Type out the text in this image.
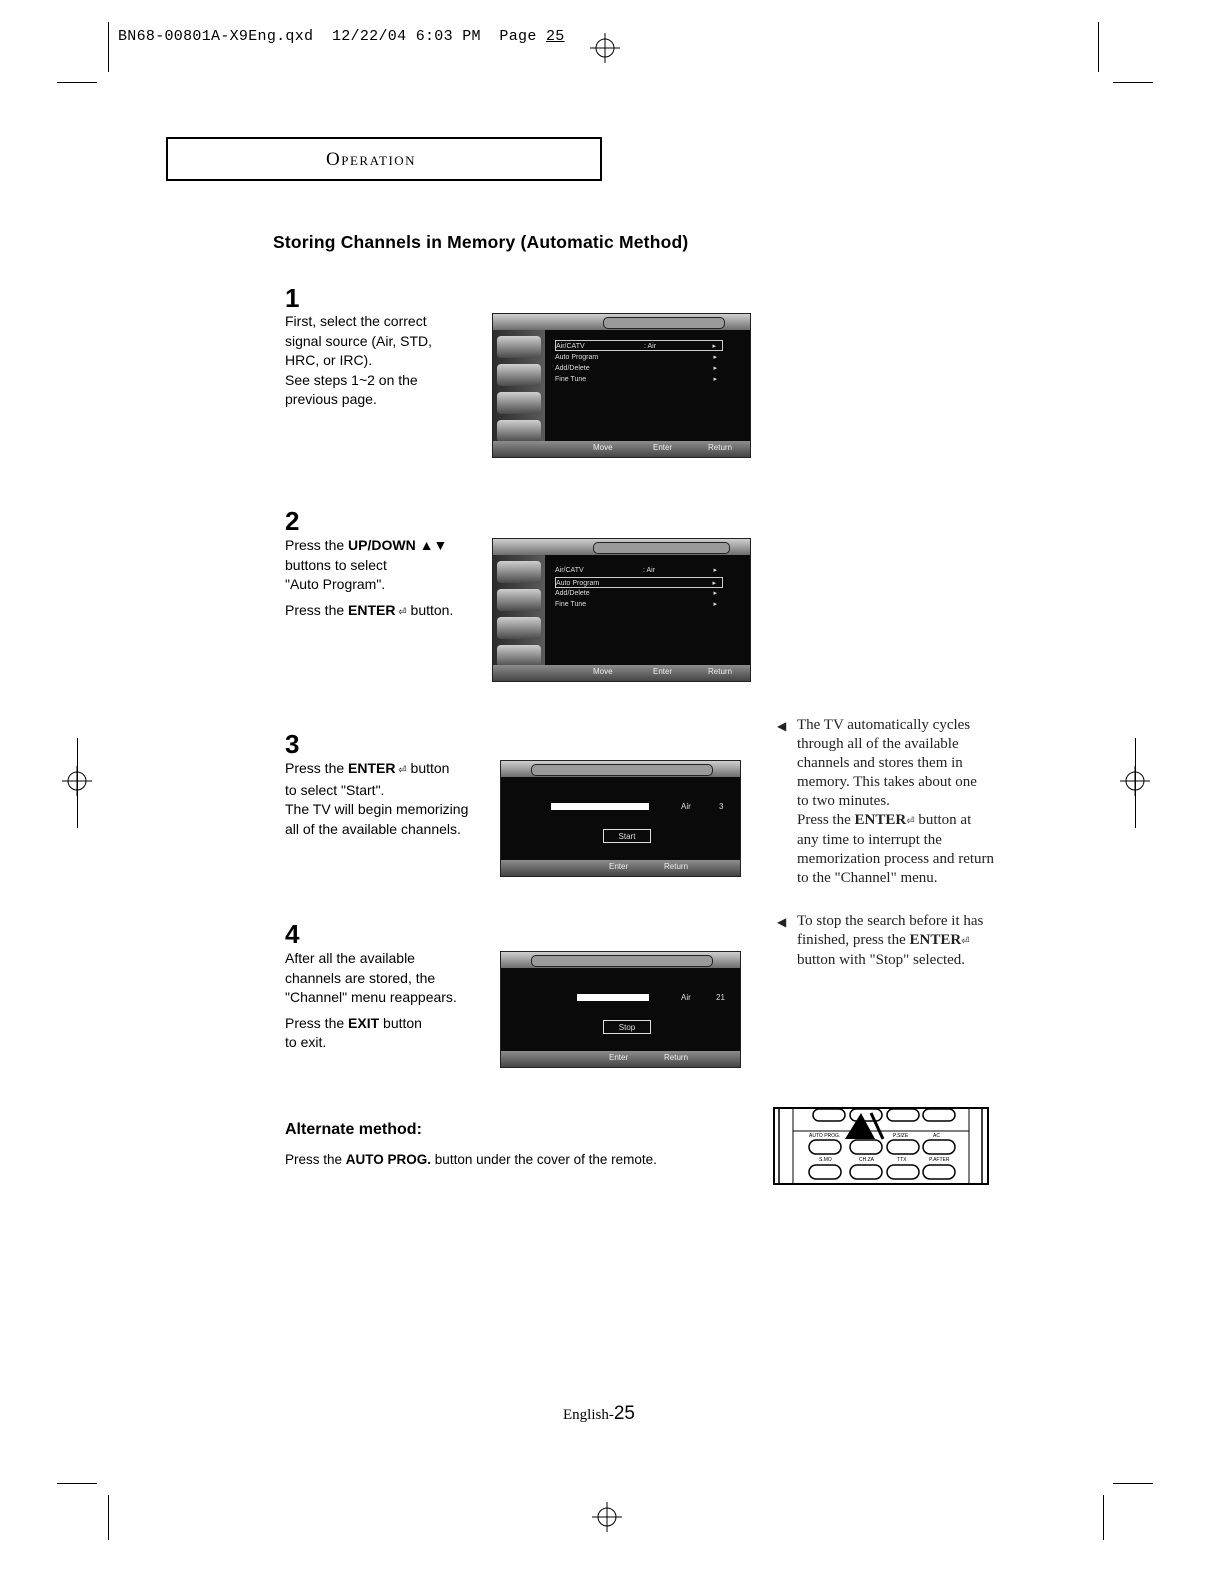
BN68-00801A-X9Eng.qxd 12/22/04 6:03 PM Page 25
Operation
Storing Channels in Memory (Automatic Method)
1

First, select the correct

signal source (Air, STD,

HRC, or IRC).

See steps 1~2 on the

previous page.

Air/CATV	: Air	▸
Auto Program	▸
Add/Delete	▸
Fine Tune	▸
Move	Enter	Return
2

Press the UP/DOWN ▲▼

buttons to select

"Auto Program".

Press the ENTER ⏎ button.

Air/CATV	: Air	▸
Auto Program	▸
Add/Delete	▸
Fine Tune	▸
Move	Enter	Return
3

Press the ENTER ⏎ button

to select "Start".

The TV will begin memorizing

all of the available channels.

Air	3
Start
Enter	Return
4

After all the available

channels are stored, the

"Channel" menu reappears.

Press the EXIT button

to exit.

Air	21
Stop
Enter	Return
◀ The TV automatically cycles

through all of the available

channels and stores them in

memory. This takes about one

to two minutes.

Press the ENTER⏎ button at

any time to interrupt the

memorization process and return

to the "Channel" menu.

◀ To stop the search before it has

finished, press the ENTER⏎

button with "Stop" selected.

Alternate method:
Press the AUTO PROG. button under the cover of the remote.
AUTO PROG.	P.SIZE	AC
S.MO	CH.ZA	TTX	P.AFTER
English-25
